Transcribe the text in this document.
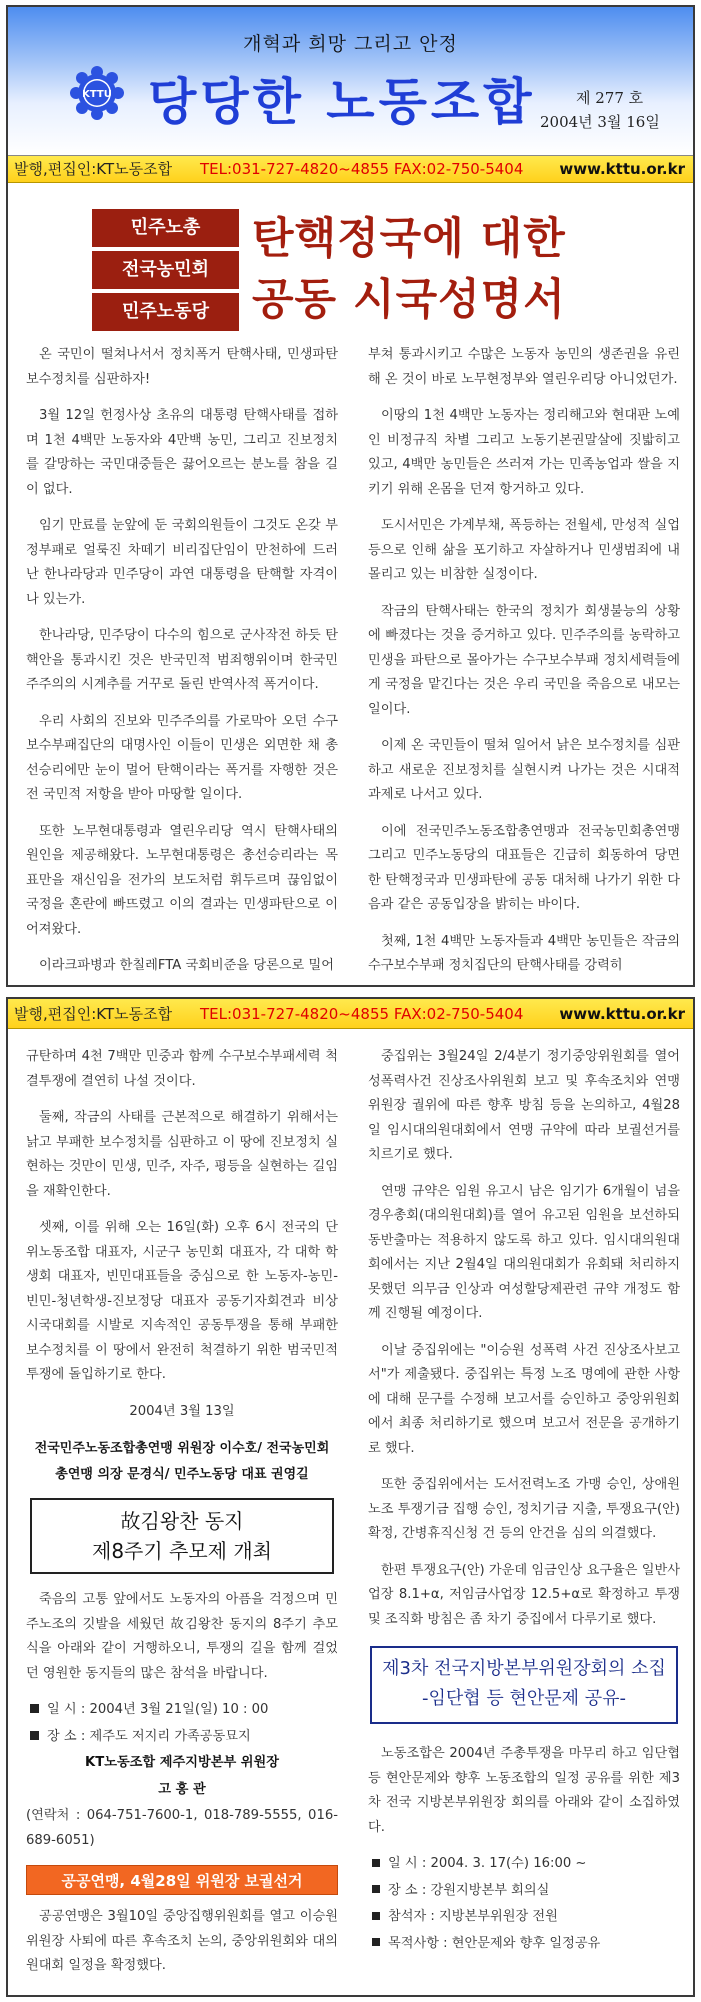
개혁과 희망 그리고 안정
KTTU 당당한 노동조합	제 277 호
2004년 3월 16일
발행,편집인:KT노동조합 TEL:031-727-4820~4855 FAX:02-750-5404 www.kttu.or.kr
민주노총
전국농민회
민주노동당
탄핵정국에 대한
공동 시국성명서

온 국민이 떨쳐나서서 정치폭거 탄핵사태, 민생파탄 보수정치를 심판하자!

3월 12일 헌정사상 초유의 대통령 탄핵사태를 접하며 1천 4백만 노동자와 4만백 농민, 그리고 진보정치를 갈망하는 국민대중들은 끓어오르는 분노를 참을 길이 없다.

임기 만료를 눈앞에 둔 국회의원들이 그것도 온갖 부정부패로 얼룩진 차떼기 비리집단임이 만천하에 드러난 한나라당과 민주당이 과연 대통령을 탄핵할 자격이나 있는가.

한나라당, 민주당이 다수의 힘으로 군사작전 하듯 탄핵안을 통과시킨 것은 반국민적 범죄행위이며 한국민주주의의 시계추를 거꾸로 돌린 반역사적 폭거이다.

우리 사회의 진보와 민주주의를 가로막아 오던 수구보수부패집단의 대명사인 이들이 민생은 외면한 채 총선승리에만 눈이 멀어 탄핵이라는 폭거를 자행한 것은 전 국민적 저항을 받아 마땅할 일이다.

또한 노무현대통령과 열린우리당 역시 탄핵사태의 원인을 제공해왔다. 노무현대통령은 총선승리라는 목표만을 재신임을 전가의 보도처럼 휘두르며 끊임없이 국정을 혼란에 빠뜨렸고 이의 결과는 민생파탄으로 이어져왔다.

이라크파병과 한칠레FTA 국회비준을 당론으로 밀어

부쳐 통과시키고 수많은 노동자 농민의 생존권을 유린해 온 것이 바로 노무현정부와 열린우리당 아니었던가.

이땅의 1천 4백만 노동자는 정리해고와 현대판 노예인 비정규직 차별 그리고 노동기본권말살에 짓밟히고 있고, 4백만 농민들은 쓰러져 가는 민족농업과 쌀을 지키기 위해 온몸을 던져 항거하고 있다.

도시서민은 가계부채, 폭등하는 전월세, 만성적 실업 등으로 인해 삶을 포기하고 자살하거나 민생범죄에 내몰리고 있는 비참한 실정이다.

작금의 탄핵사태는 한국의 정치가 회생불능의 상황에 빠졌다는 것을 증거하고 있다. 민주주의를 농락하고 민생을 파탄으로 몰아가는 수구보수부패 정치세력들에게 국정을 맡긴다는 것은 우리 국민을 죽음으로 내모는 일이다.

이제 온 국민들이 떨쳐 일어서 낡은 보수정치를 심판하고 새로운 진보정치를 실현시켜 나가는 것은 시대적 과제로 나서고 있다.

이에 전국민주노동조합총연맹과 전국농민회총연맹 그리고 민주노동당의 대표들은 긴급히 회동하여 당면한 탄핵정국과 민생파탄에 공동 대처해 나가기 위한 다음과 같은 공동입장을 밝히는 바이다.

첫째, 1천 4백만 노동자들과 4백만 농민들은 작금의 수구보수부패 정치집단의 탄핵사태를 강력히

발행,편집인:KT노동조합 TEL:031-727-4820~4855 FAX:02-750-5404 www.kttu.or.kr

규탄하며 4천 7백만 민중과 함께 수구보수부패세력 척결투쟁에 결연히 나설 것이다.

둘째, 작금의 사태를 근본적으로 해결하기 위해서는 낡고 부패한 보수정치를 심판하고 이 땅에 진보정치 실현하는 것만이 민생, 민주, 자주, 평등을 실현하는 길임을 재확인한다.

셋째, 이를 위해 오는 16일(화) 오후 6시 전국의 단위노동조합 대표자, 시군구 농민회 대표자, 각 대학 학생회 대표자, 빈민대표들을 중심으로 한 노동자-농민-빈민-청년학생-진보정당 대표자 공동기자회견과 비상시국대회를 시발로 지속적인 공동투쟁을 통해 부패한 보수정치를 이 땅에서 완전히 척결하기 위한 범국민적 투쟁에 돌입하기로 한다.

2004년 3월 13일

전국민주노동조합총연맹 위원장 이수호/ 전국농민회
총연맹 의장 문경식/ 민주노동당 대표 권영길
故김왕찬 동지
제8주기 추모제 개최

죽음의 고통 앞에서도 노동자의 아픔을 걱정으며 민주노조의 깃발을 세웠던 故김왕찬 동지의 8주기 추모식을 아래와 같이 거행하오니, 투쟁의 길을 함께 걸었던 영원한 동지들의 많은 참석을 바랍니다.

일 시 : 2004년 3월 21일(일) 10 : 00

장 소 : 제주도 저지리 가족공동묘지

KT노동조합 제주지방본부 위원장

고 홍 관

(연락처 : 064-751-7600-1, 018-789-5555, 016-689-6051)

공공연맹, 4월28일 위원장 보궐선거

공공연맹은 3월10일 중앙집행위원회를 열고 이승원 위원장 사퇴에 따른 후속조치 논의, 중앙위원회와 대의원대회 일정을 확정했다.

중집위는 3월24일 2/4분기 정기중앙위원회를 열어 성폭력사건 진상조사위원회 보고 및 후속조치와 연맹 위원장 궐위에 따른 향후 방침 등을 논의하고, 4월28일 임시대의원대회에서 연맹 규약에 따라 보궐선거를 치르기로 했다.

연맹 규약은 임원 유고시 남은 임기가 6개월이 넘을 경우총회(대의원대회)를 열어 유고된 임원을 보선하되 동반출마는 적용하지 않도록 하고 있다. 임시대의원대회에서는 지난 2월4일 대의원대회가 유회돼 처리하지 못했던 의무금 인상과 여성할당제관련 규약 개정도 함께 진행될 예정이다.

이날 중집위에는 "이승원 성폭력 사건 진상조사보고서"가 제출됐다. 중집위는 특정 노조 명예에 관한 사항에 대해 문구를 수정해 보고서를 승인하고 중앙위원회에서 최종 처리하기로 했으며 보고서 전문을 공개하기로 했다.

또한 중집위에서는 도서전력노조 가맹 승인, 상애원노조 투쟁기금 집행 승인, 정치기금 지출, 투쟁요구(안)확정, 간병휴직신청 건 등의 안건을 심의 의결했다.

한편 투쟁요구(안) 가운데 임금인상 요구율은 일반사업장 8.1+α, 저임금사업장 12.5+α로 확정하고 투쟁 및 조직화 방침은 좀 차기 중집에서 다루기로 했다.

제3차 전국지방본부위원장회의 소집
-임단협 등 현안문제 공유-

노동조합은 2004년 주총투쟁을 마무리 하고 임단협 등 현안문제와 향후 노동조합의 일정 공유를 위한 제3차 전국 지방본부위원장 회의를 아래와 같이 소집하였다.

일 시 : 2004. 3. 17(수) 16:00 ~

장 소 : 강원지방본부 회의실

참석자 : 지방본부위원장 전원

목적사항 : 현안문제와 향후 일정공유
